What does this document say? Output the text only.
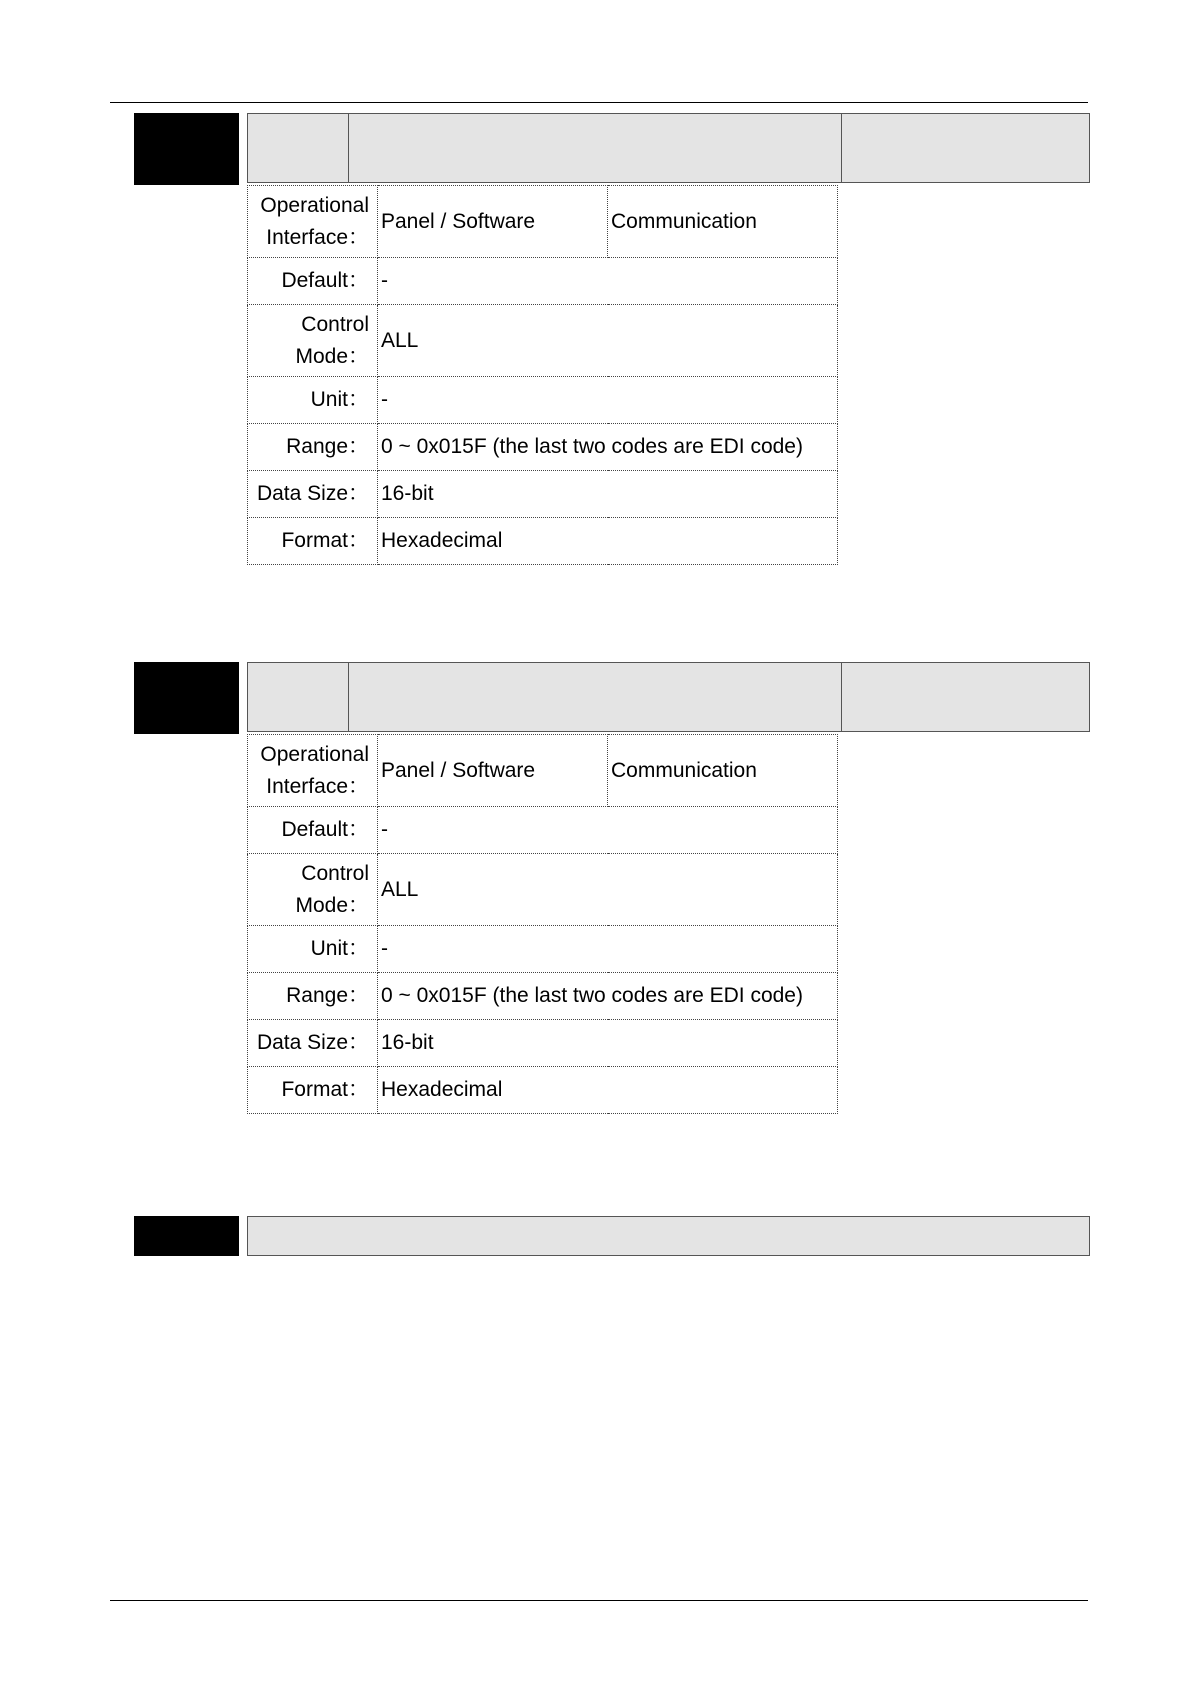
Operational
Interface：	Panel / Software	Communication
Default：	-	

Control
Mode：	ALL	
Unit：	-	
Range：	0 ~ 0x015F (the last two codes are EDI code)	
Data Size：	16-bit	
Format：	Hexadecimal	
Operational
Interface：	Panel / Software	Communication
Default：	-	

Control
Mode：	ALL	
Unit：	-	
Range：	0 ~ 0x015F (the last two codes are EDI code)	
Data Size：	16-bit	
Format：	Hexadecimal	
